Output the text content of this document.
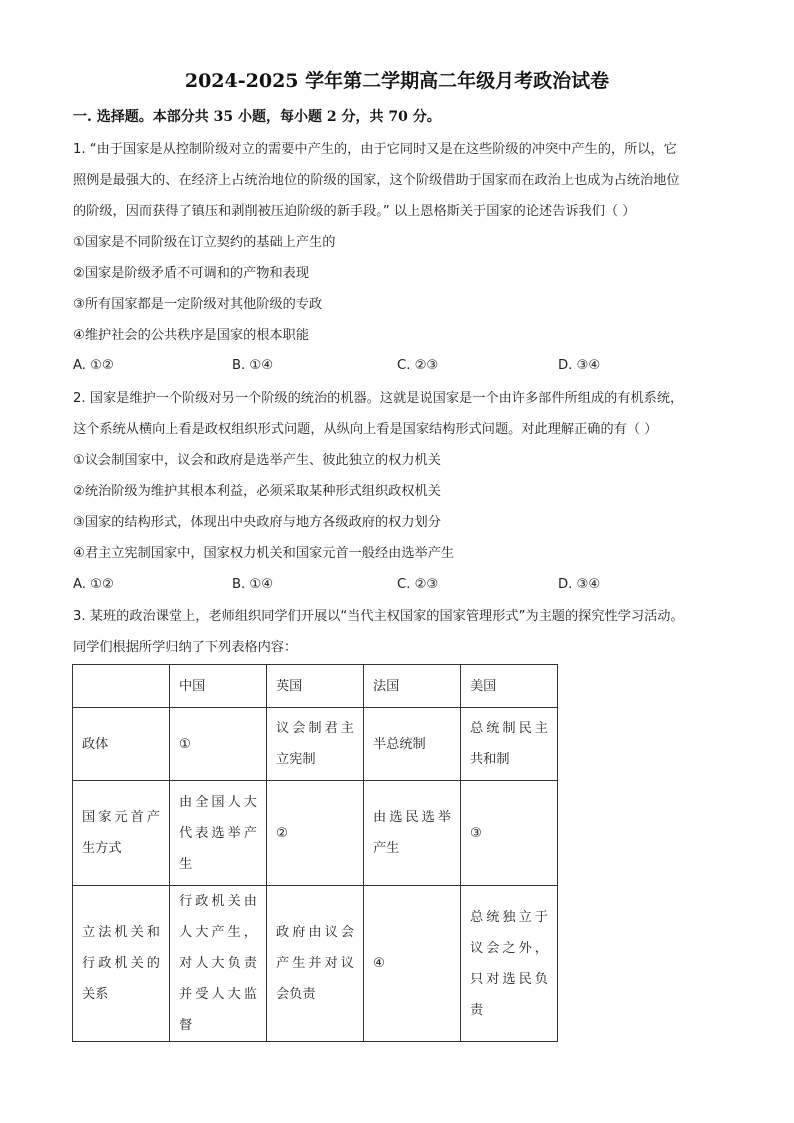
2024-2025 学年第二学期高二年级月考政治试卷
一. 选择题。本部分共 35 小题，每小题 2 分，共 70 分。
1. “由于国家是从控制阶级对立的需要中产生的，由于它同时又是在这些阶级的冲突中产生的，所以，它
照例是最强大的、在经济上占统治地位的阶级的国家，这个阶级借助于国家而在政治上也成为占统治地位
的阶级，因而获得了镇压和剥削被压迫阶级的新手段。” 以上恩格斯关于国家的论述告诉我们（ ）
①国家是不同阶级在订立契约的基础上产生的
②国家是阶级矛盾不可调和的产物和表现
③所有国家都是一定阶级对其他阶级的专政
④维护社会的公共秩序是国家的根本职能
A. ①②	B. ①④	C. ②③	D. ③④
2. 国家是维护一个阶级对另一个阶级的统治的机器。这就是说国家是一个由许多部件所组成的有机系统，
这个系统从横向上看是政权组织形式问题，从纵向上看是国家结构形式问题。对此理解正确的有（ ）
①议会制国家中，议会和政府是选举产生、彼此独立的权力机关
②统治阶级为维护其根本利益，必须采取某种形式组织政权机关
③国家的结构形式，体现出中央政府与地方各级政府的权力划分
④君主立宪制国家中，国家权力机关和国家元首一般经由选举产生
A. ①②	B. ①④	C. ②③	D. ③④
3. 某班的政治课堂上，老师组织同学们开展以“当代主权国家的国家管理形式”为主题的探究性学习活动。
同学们根据所学归纳了下列表格内容：
	中国	英国	法国	美国
政体	①	议会制君主立宪制	半总统制	总统制民主共和制
国家元首产生方式	由全国人大代表选举产生	②	由选民选举产生	③
立法机关和行政机关的关系	行政机关由人大产生，对人大负责并受人大监督	政府由议会产生并对议会负责	④	总统独立于议会之外，只对选民负责
